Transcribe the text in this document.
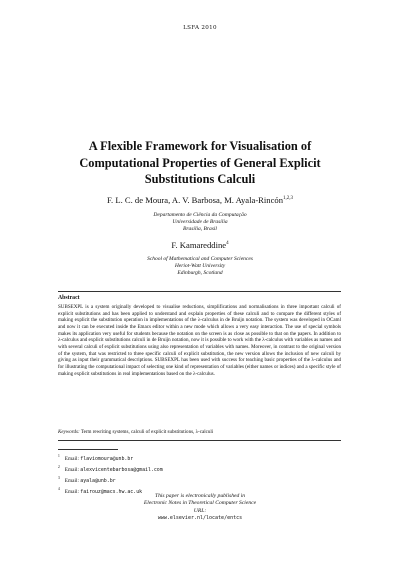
LSFA 2010
A Flexible Framework for Visualisation of
Computational Properties of General Explicit
Substitutions Calculi
F. L. C. de Moura, A. V. Barbosa, M. Ayala-Rincón$^{1,2,3}$
Departamento de Ciência da Computação
Universidade de Brasília
Brasília, Brasil
F. Kamareddine$^4$
School of Mathematical and Computer Sciences
Heriot-Watt University
Edinburgh, Scotland
Abstract
SUBSEXPL is a system originally developed to visualise reductions, simplifications and normalisations in three important calculi of explicit substitutions and has been applied to understand and explain properties of these calculi and to compare the different styles of making explicit the substitution operation in implementations of the λ-calculus in de Bruijn notation. The system was developed in OCaml and now it can be executed inside the Emacs editor within a new mode which allows a very easy interaction. The use of special symbols makes its application very useful for students because the notation on the screen is as close as possible to that on the papers. In addition to λ-calculus and explicit substitutions calculi in de Bruijn notation, now it is possible to work with the λ-calculus with variables as names and with several calculi of explicit substitutions using also representation of variables with names. Moreover, in contrast to the original version of the system, that was restricted to three specific calculi of explicit substitution, the new version allows the inclusion of new calculi by giving as input their grammatical descriptions. SUBSEXPL has been used with success for teaching basic properties of the λ-calculus and for illustrating the computational impact of selecting one kind of representation of variables (either names or indices) and a specific style of making explicit substitutions in real implementations based on the λ-calculus.
Keywords: Term rewriting systems, calculi of explicit substitutions, λ-calculi
$^1$ Email: flaviomoura@unb.br
$^2$ Email: alexvicentebarbosa@gmail.com
$^3$ Email: ayala@unb.br
$^4$ Email: fairouz@macs.hw.ac.uk
This paper is electronically published in
Electronic Notes in Theoretical Computer Science
URL:
www.elsevier.nl/locate/entcs
